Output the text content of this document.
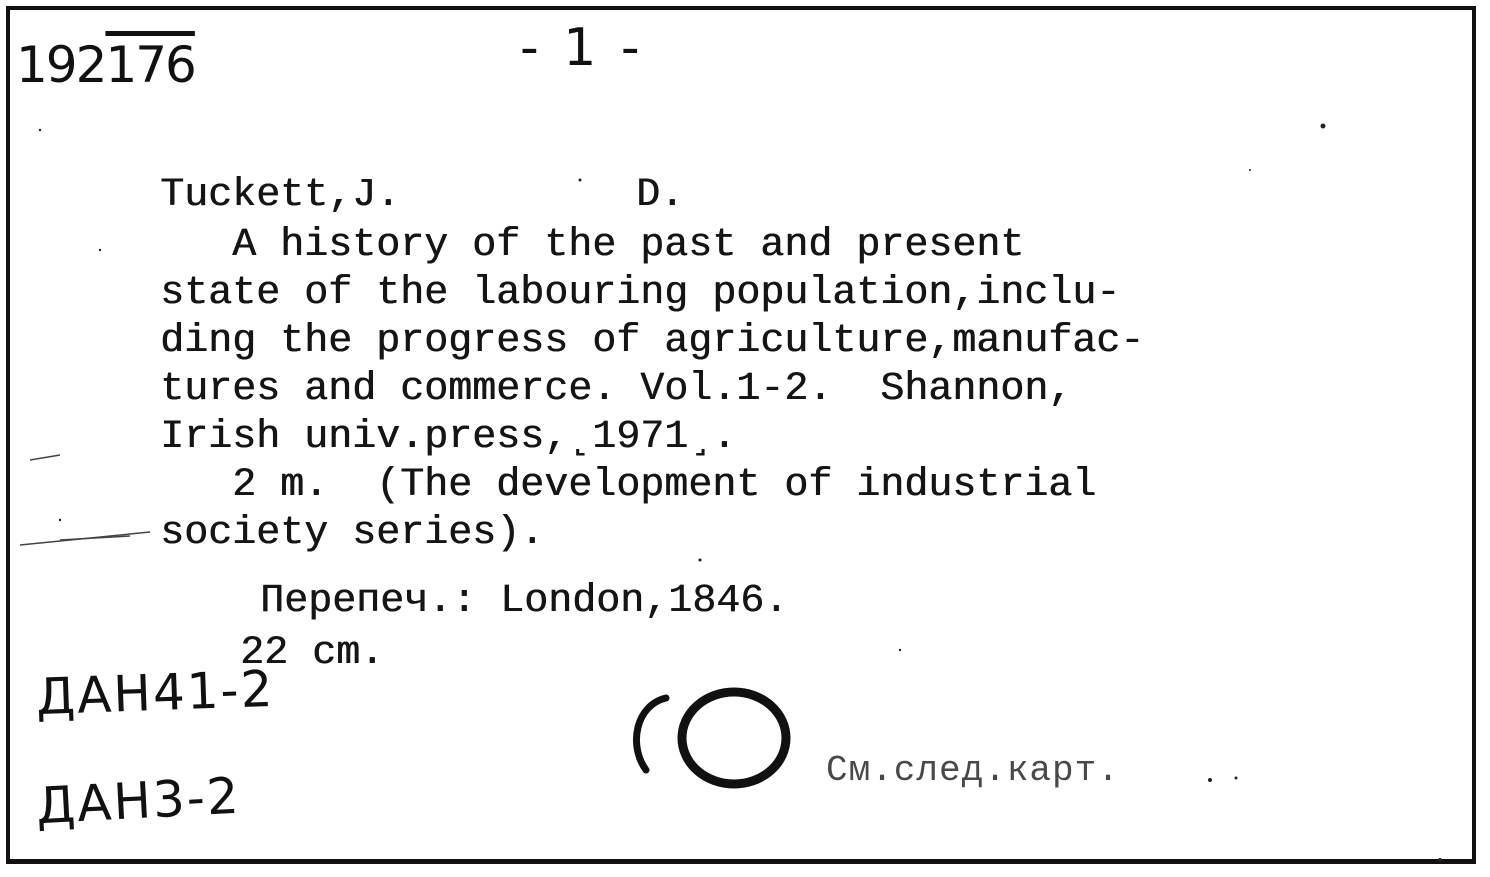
192176	- 1 -
Tuckett,J.	D.
A history of the past and present
state of the labouring population,inclu-
ding the progress of agriculture,manufac-
tures and commerce. Vol.1-2.  Shannon,
Irish univ.press,˻1971˼.
2 m.  (The development of industrial
society series).
Перепеч.: London,1846.
22 cm.
ДАН41-2
ДАН3-2	См.след.карт.
